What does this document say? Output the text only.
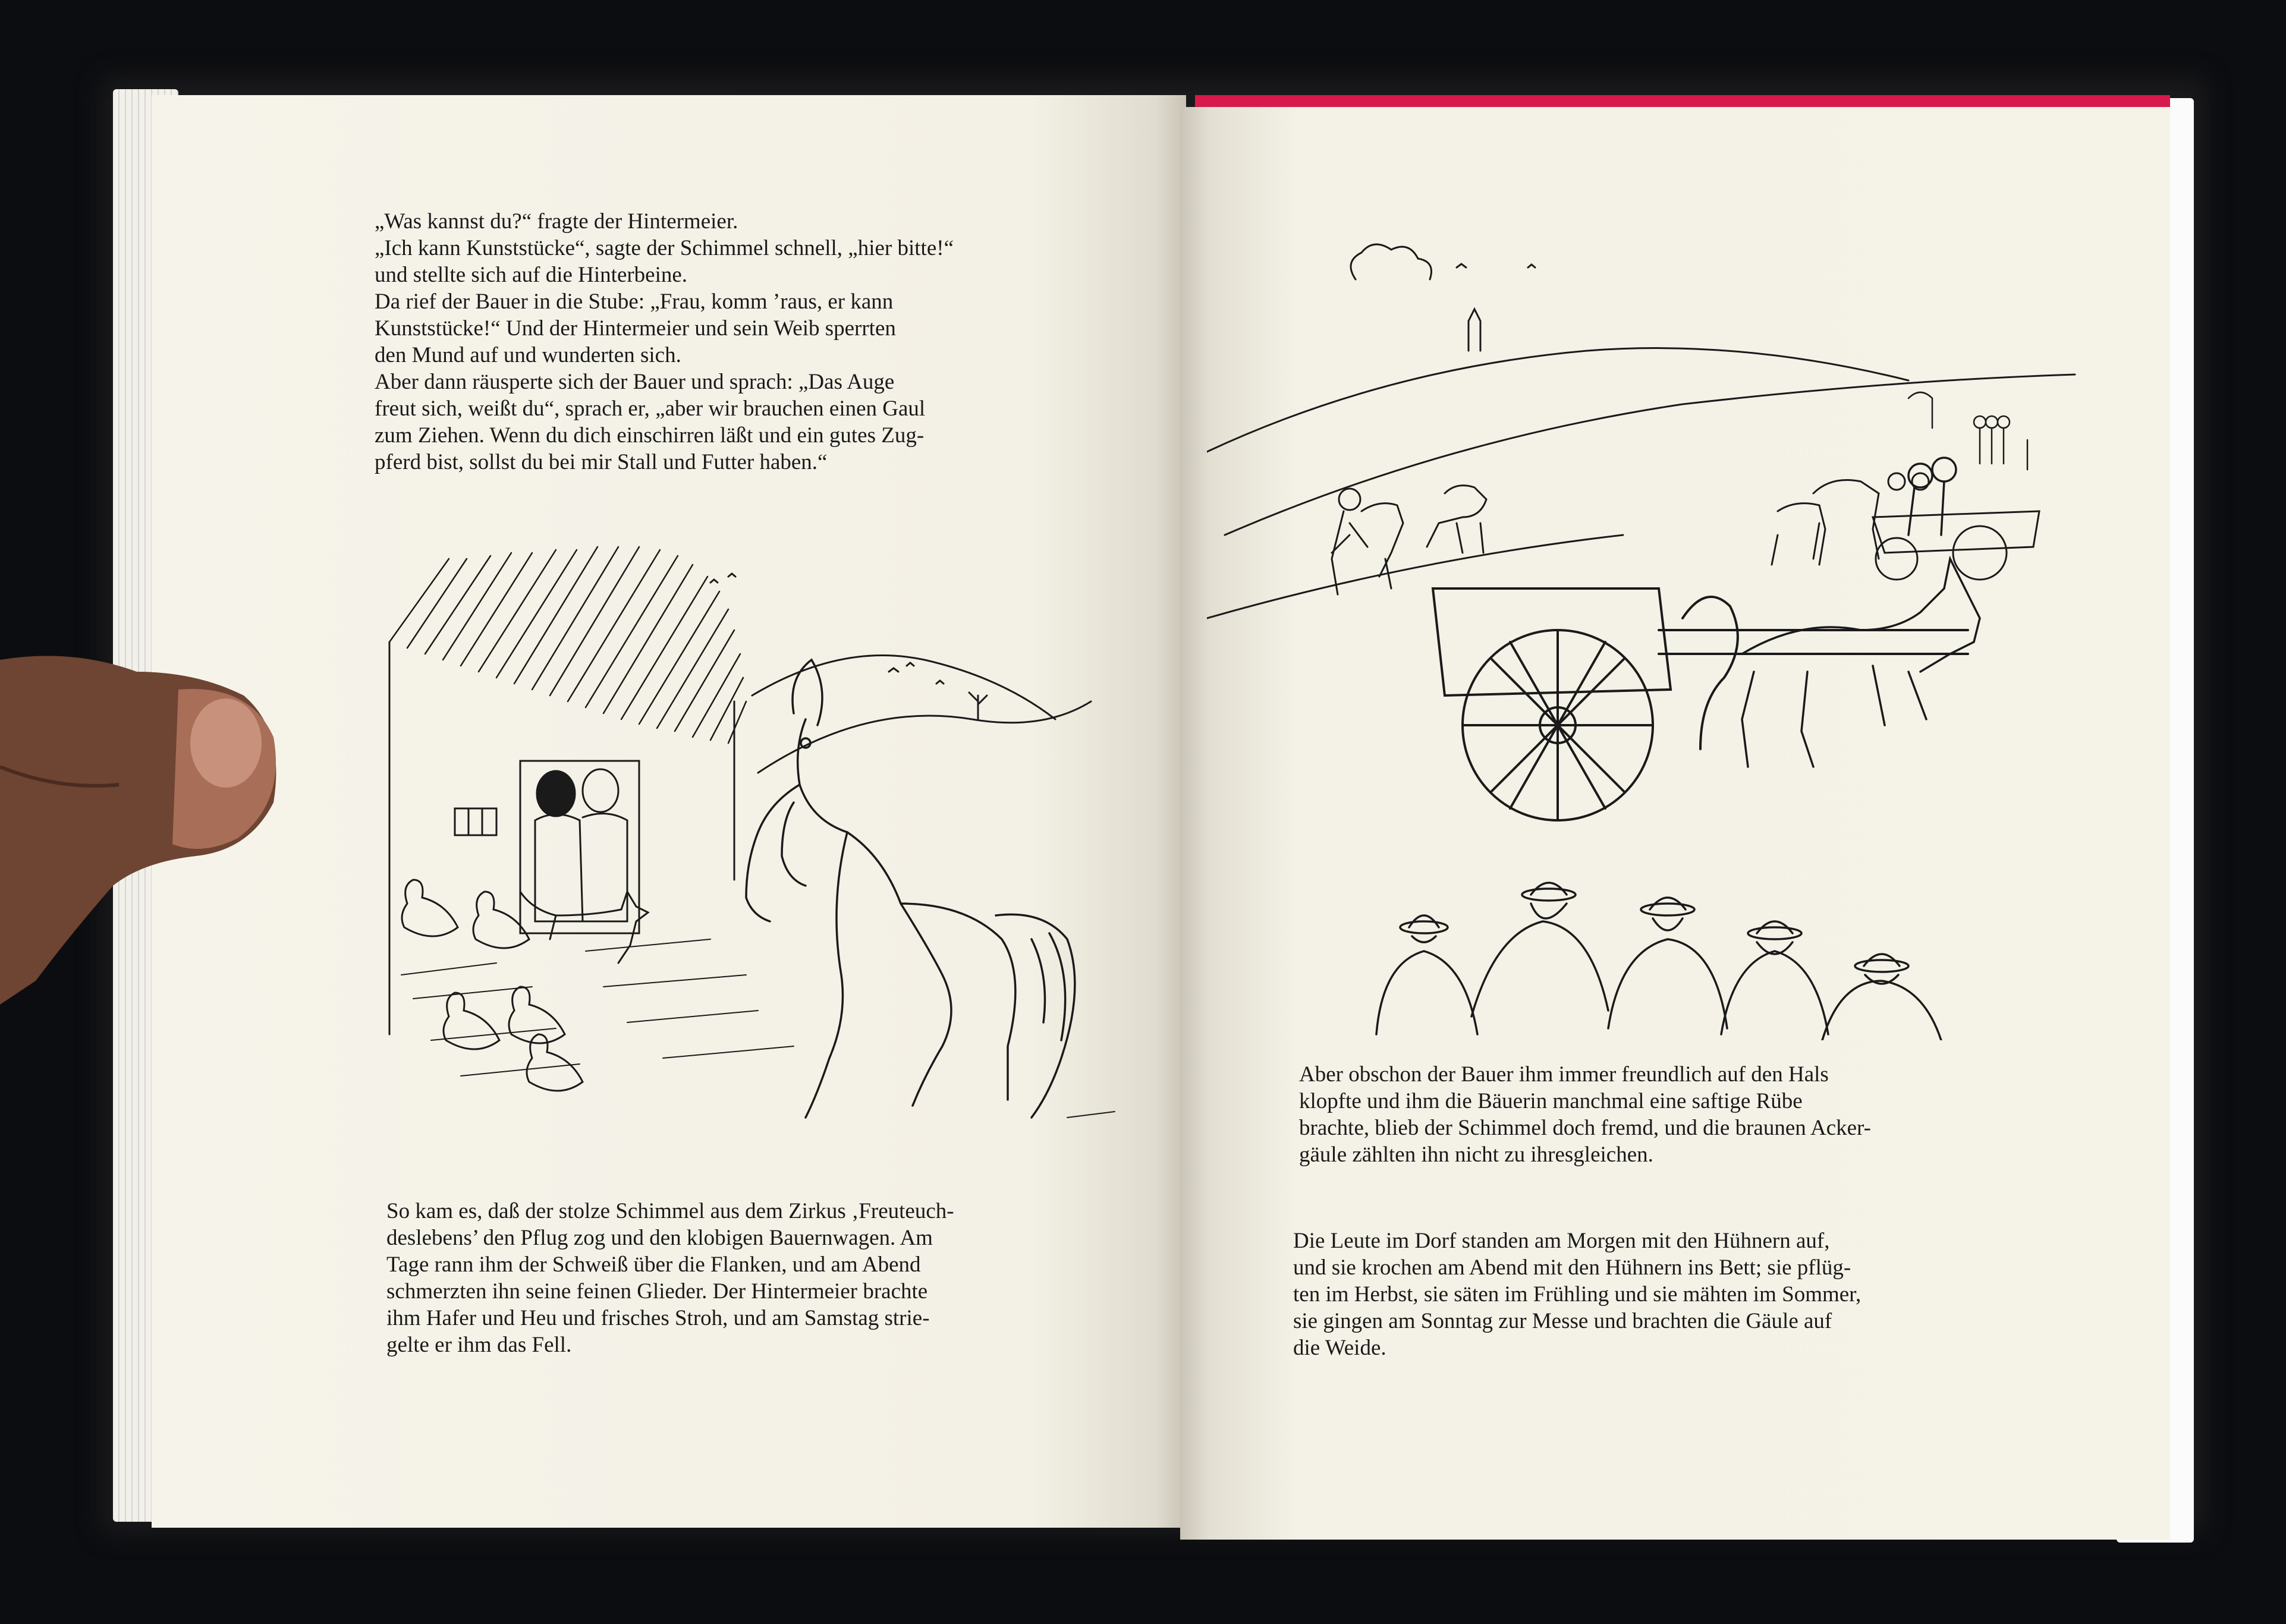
„Was kannst du?“ fragte der Hintermeier.
„Ich kann Kunststücke“, sagte der Schimmel schnell, „hier bitte!“
und stellte sich auf die Hinterbeine.
Da rief der Bauer in die Stube: „Frau, komm ’raus, er kann
Kunststücke!“ Und der Hintermeier und sein Weib sperrten
den Mund auf und wunderten sich.
Aber dann räusperte sich der Bauer und sprach: „Das Auge
freut sich, weißt du“, sprach er, „aber wir brauchen einen Gaul
zum Ziehen. Wenn du dich einschirren läßt und ein gutes Zug-
pferd bist, sollst du bei mir Stall und Futter haben.“
So kam es, daß der stolze Schimmel aus dem Zirkus ‚Freuteuch-
deslebens’ den Pflug zog und den klobigen Bauernwagen. Am
Tage rann ihm der Schweiß über die Flanken, und am Abend
schmerzten ihn seine feinen Glieder. Der Hintermeier brachte
ihm Hafer und Heu und frisches Stroh, und am Samstag strie-
gelte er ihm das Fell.
Aber obschon der Bauer ihm immer freundlich auf den Hals
klopfte und ihm die Bäuerin manchmal eine saftige Rübe
brachte, blieb der Schimmel doch fremd, und die braunen Acker-
gäule zählten ihn nicht zu ihresgleichen.
Die Leute im Dorf standen am Morgen mit den Hühnern auf,
und sie krochen am Abend mit den Hühnern ins Bett; sie pflüg-
ten im Herbst, sie säten im Frühling und sie mähten im Sommer,
sie gingen am Sonntag zur Messe und brachten die Gäule auf
die Weide.
